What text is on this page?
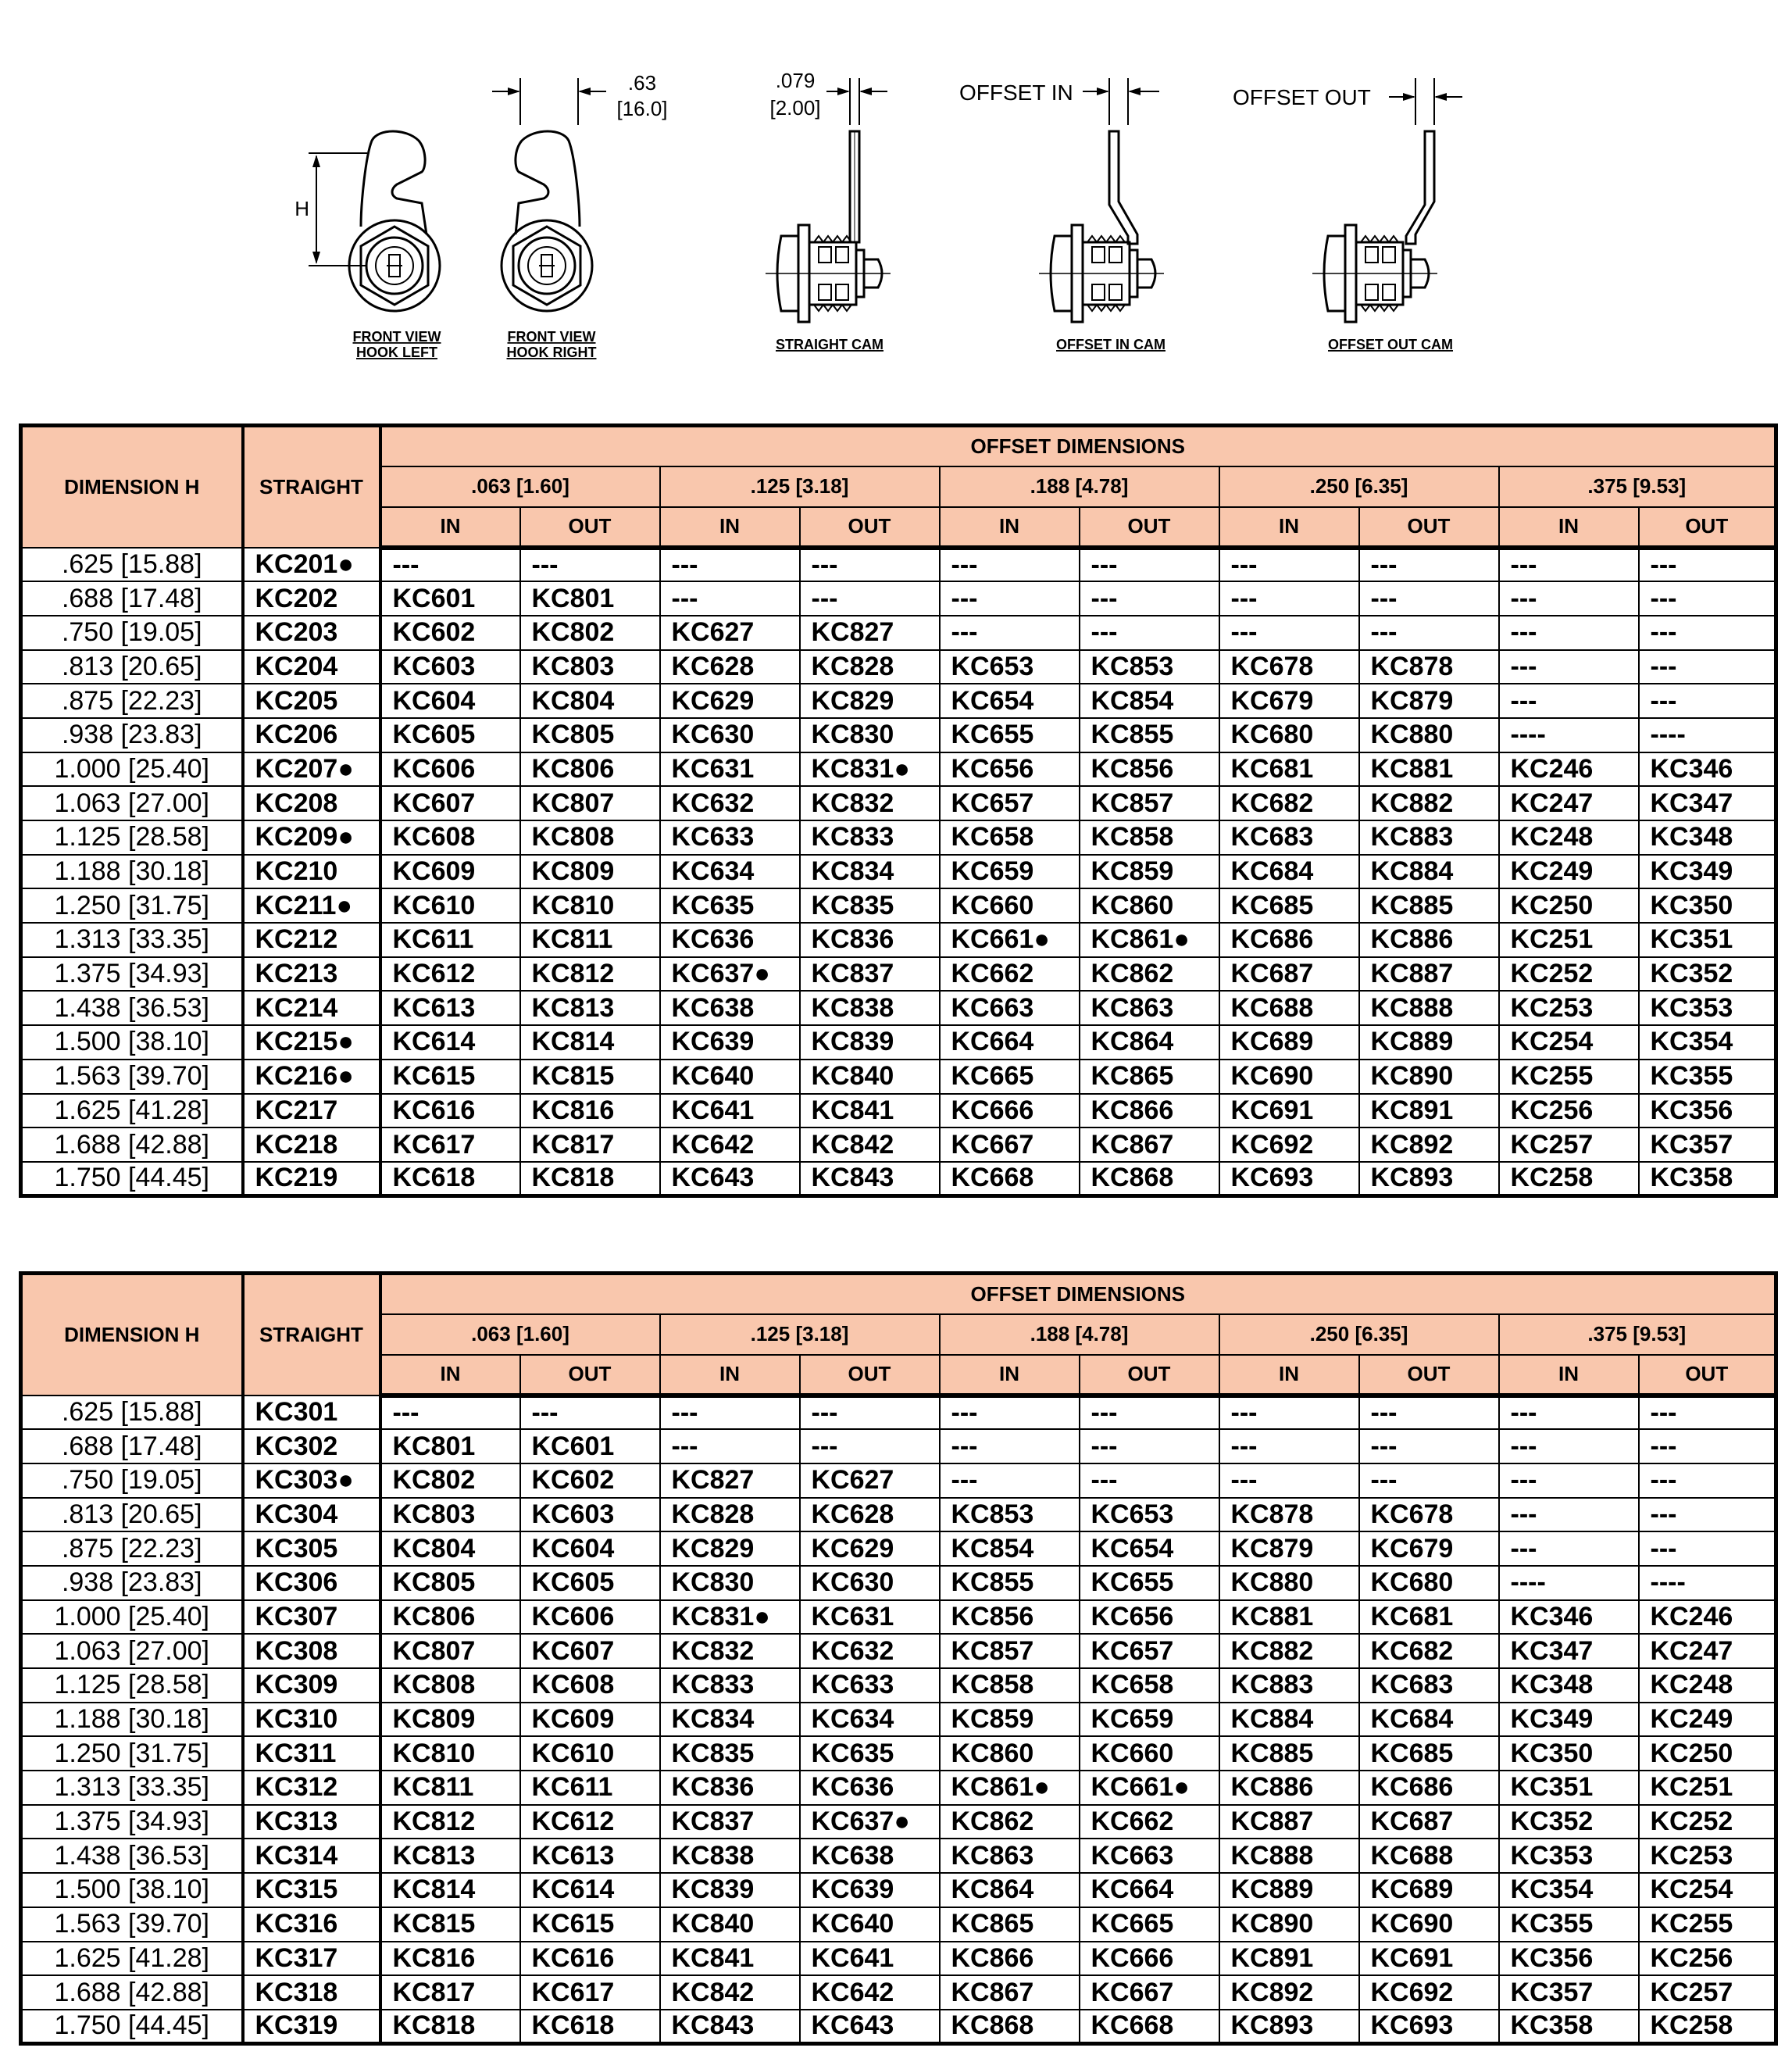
H
.63
[16.0]
.079
[2.00]
OFFSET IN	OFFSET OUT
FRONT VIEW
HOOK LEFT
FRONT VIEW
HOOK RIGHT	STRAIGHT CAM	OFFSET IN CAM	OFFSET OUT CAM
DIMENSION H	STRAIGHT	OFFSET DIMENSIONS									
		.063 [1.60]		.125 [3.18]		.188 [4.78]		.250 [6.35]		.375 [9.53]	
		IN	OUT	IN	OUT	IN	OUT	IN	OUT	IN	OUT
.625 [15.88]	KC201●	---	---	---	---	---	---	---	---	---	---
.688 [17.48]	KC202	KC601	KC801	---	---	---	---	---	---	---	---
.750 [19.05]	KC203	KC602	KC802	KC627	KC827	---	---	---	---	---	---
.813 [20.65]	KC204	KC603	KC803	KC628	KC828	KC653	KC853	KC678	KC878	---	---
.875 [22.23]	KC205	KC604	KC804	KC629	KC829	KC654	KC854	KC679	KC879	---	---
.938 [23.83]	KC206	KC605	KC805	KC630	KC830	KC655	KC855	KC680	KC880	----	----
1.000 [25.40]	KC207●	KC606	KC806	KC631	KC831●	KC656	KC856	KC681	KC881	KC246	KC346
1.063 [27.00]	KC208	KC607	KC807	KC632	KC832	KC657	KC857	KC682	KC882	KC247	KC347
1.125 [28.58]	KC209●	KC608	KC808	KC633	KC833	KC658	KC858	KC683	KC883	KC248	KC348
1.188 [30.18]	KC210	KC609	KC809	KC634	KC834	KC659	KC859	KC684	KC884	KC249	KC349
1.250 [31.75]	KC211●	KC610	KC810	KC635	KC835	KC660	KC860	KC685	KC885	KC250	KC350
1.313 [33.35]	KC212	KC611	KC811	KC636	KC836	KC661●	KC861●	KC686	KC886	KC251	KC351
1.375 [34.93]	KC213	KC612	KC812	KC637●	KC837	KC662	KC862	KC687	KC887	KC252	KC352
1.438 [36.53]	KC214	KC613	KC813	KC638	KC838	KC663	KC863	KC688	KC888	KC253	KC353
1.500 [38.10]	KC215●	KC614	KC814	KC639	KC839	KC664	KC864	KC689	KC889	KC254	KC354
1.563 [39.70]	KC216●	KC615	KC815	KC640	KC840	KC665	KC865	KC690	KC890	KC255	KC355
1.625 [41.28]	KC217	KC616	KC816	KC641	KC841	KC666	KC866	KC691	KC891	KC256	KC356
1.688 [42.88]	KC218	KC617	KC817	KC642	KC842	KC667	KC867	KC692	KC892	KC257	KC357
1.750 [44.45]	KC219	KC618	KC818	KC643	KC843	KC668	KC868	KC693	KC893	KC258	KC358
DIMENSION H	STRAIGHT	OFFSET DIMENSIONS									
		.063 [1.60]		.125 [3.18]		.188 [4.78]		.250 [6.35]		.375 [9.53]	
		IN	OUT	IN	OUT	IN	OUT	IN	OUT	IN	OUT
.625 [15.88]	KC301	---	---	---	---	---	---	---	---	---	---
.688 [17.48]	KC302	KC801	KC601	---	---	---	---	---	---	---	---
.750 [19.05]	KC303●	KC802	KC602	KC827	KC627	---	---	---	---	---	---
.813 [20.65]	KC304	KC803	KC603	KC828	KC628	KC853	KC653	KC878	KC678	---	---
.875 [22.23]	KC305	KC804	KC604	KC829	KC629	KC854	KC654	KC879	KC679	---	---
.938 [23.83]	KC306	KC805	KC605	KC830	KC630	KC855	KC655	KC880	KC680	----	----
1.000 [25.40]	KC307	KC806	KC606	KC831●	KC631	KC856	KC656	KC881	KC681	KC346	KC246
1.063 [27.00]	KC308	KC807	KC607	KC832	KC632	KC857	KC657	KC882	KC682	KC347	KC247
1.125 [28.58]	KC309	KC808	KC608	KC833	KC633	KC858	KC658	KC883	KC683	KC348	KC248
1.188 [30.18]	KC310	KC809	KC609	KC834	KC634	KC859	KC659	KC884	KC684	KC349	KC249
1.250 [31.75]	KC311	KC810	KC610	KC835	KC635	KC860	KC660	KC885	KC685	KC350	KC250
1.313 [33.35]	KC312	KC811	KC611	KC836	KC636	KC861●	KC661●	KC886	KC686	KC351	KC251
1.375 [34.93]	KC313	KC812	KC612	KC837	KC637●	KC862	KC662	KC887	KC687	KC352	KC252
1.438 [36.53]	KC314	KC813	KC613	KC838	KC638	KC863	KC663	KC888	KC688	KC353	KC253
1.500 [38.10]	KC315	KC814	KC614	KC839	KC639	KC864	KC664	KC889	KC689	KC354	KC254
1.563 [39.70]	KC316	KC815	KC615	KC840	KC640	KC865	KC665	KC890	KC690	KC355	KC255
1.625 [41.28]	KC317	KC816	KC616	KC841	KC641	KC866	KC666	KC891	KC691	KC356	KC256
1.688 [42.88]	KC318	KC817	KC617	KC842	KC642	KC867	KC667	KC892	KC692	KC357	KC257
1.750 [44.45]	KC319	KC818	KC618	KC843	KC643	KC868	KC668	KC893	KC693	KC358	KC258
